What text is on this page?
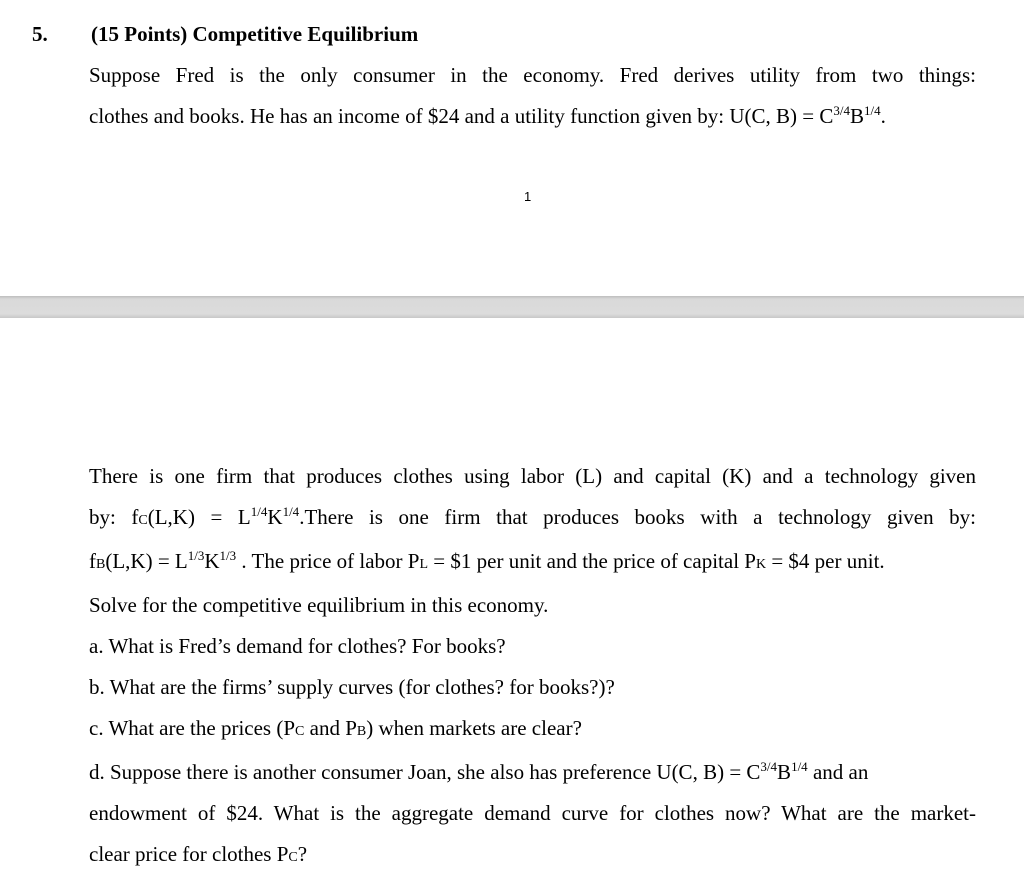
5. (15 Points) Competitive Equilibrium
Suppose Fred is the only consumer in the economy. Fred derives utility from two things:
clothes and books. He has an income of $24 and a utility function given by: U(C, $B) = C^{3/4}B^{1/4}$.
1
There is one firm that produces clothes using labor (L) and capital (K) and a technology given
by: $fC(L,K) = L^{1/4}K^{1/4}.There$ is one firm that produces books with a technology given by:
$fB(L,K) = L^{1/3}K^{1/3}$ . The price of labor PL = $1 per unit and the price of capital PK = $4 per unit.
Solve for the competitive equilibrium in this economy.
a. What is Fred’s demand for clothes? For books?
b. What are the firms’ supply curves (for clothes? for books?)?
c. What are the prices (PC and PB) when markets are clear?
d. Suppose there is another consumer Joan, she also has preference U(C, $B) = C^{3/4}B^{1/4}$ and an
endowment of $24. What is the aggregate demand curve for clothes now? What are the market-
clear price for clothes PC?
